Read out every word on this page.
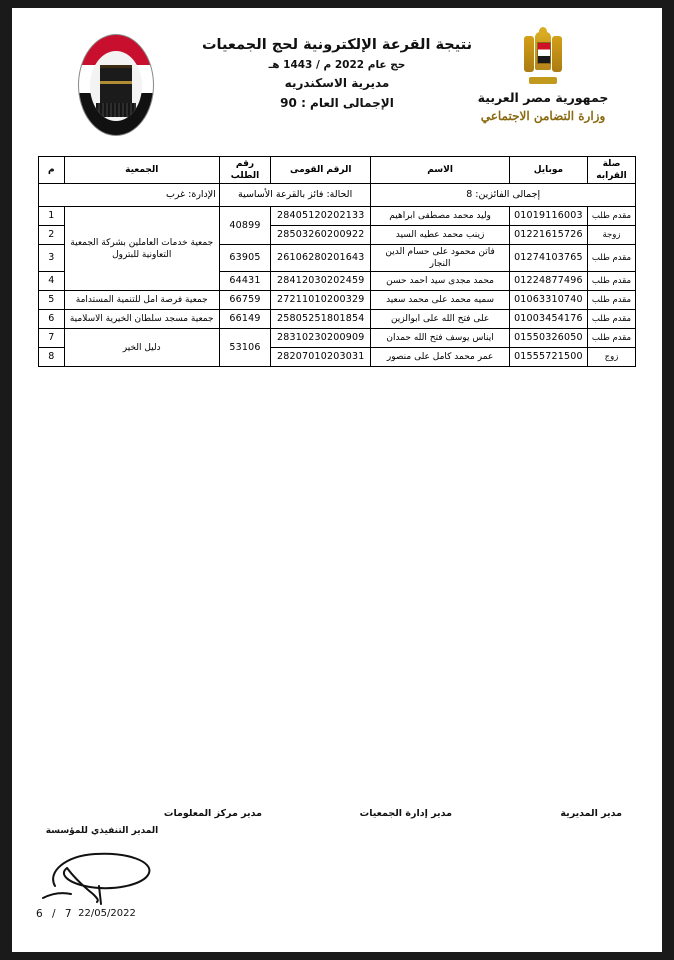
نتيجة القرعة الإلكترونية لحج الجمعيات
حج عام 2022 م / 1443 هـ
مديرية الاسكندريه
الإجمالى العام : 90	جمهورية مصر العربية
وزارة التضامن الاجتماعي
إجمالى الفائزين: 8			الحالة: فائز بالقرعة الأساسية		الإدارة: غرب	
صلة القرابه	موبايل	الاسم	الرقم القومى	رقم الطلب	الجمعية	م
مقدم طلب	01019116003	وليد محمد مصطفى ابراهيم	28405120202133	40899	جمعية خدمات العاملين بشركة الجمعية التعاونية للبترول	1
زوجة	01221615726	زينب محمد عطيه السيد	28503260200922			2
مقدم طلب	01274103765	فاتن محمود على حسام الدين النجار	26106280201643	63905		3
مقدم طلب	01224877496	محمد مجدى سيد احمد حسن	28412030202459	64431		4
مقدم طلب	01063310740	سميه محمد على محمد سعيد	27211010200329	66759	جمعية فرصة امل للتنمية المستدامة	5
مقدم طلب	01003454176	على فتح الله على ابوالزين	25805251801854	66149	جمعية مسجد سلطان الخيرية الاسلامية	6
مقدم طلب	01550326050	ايناس يوسف فتح الله حمدان	28310230200909	53106	دليل الخير	7
زوج	01555721500	عمر محمد كامل على منصور	28207010203031			8
مدير مركز المعلومات	مدير إدارة الجمعيات	مدير المديرية
المدير التنفيذي للمؤسسة
22/05/2022
6 / 7
